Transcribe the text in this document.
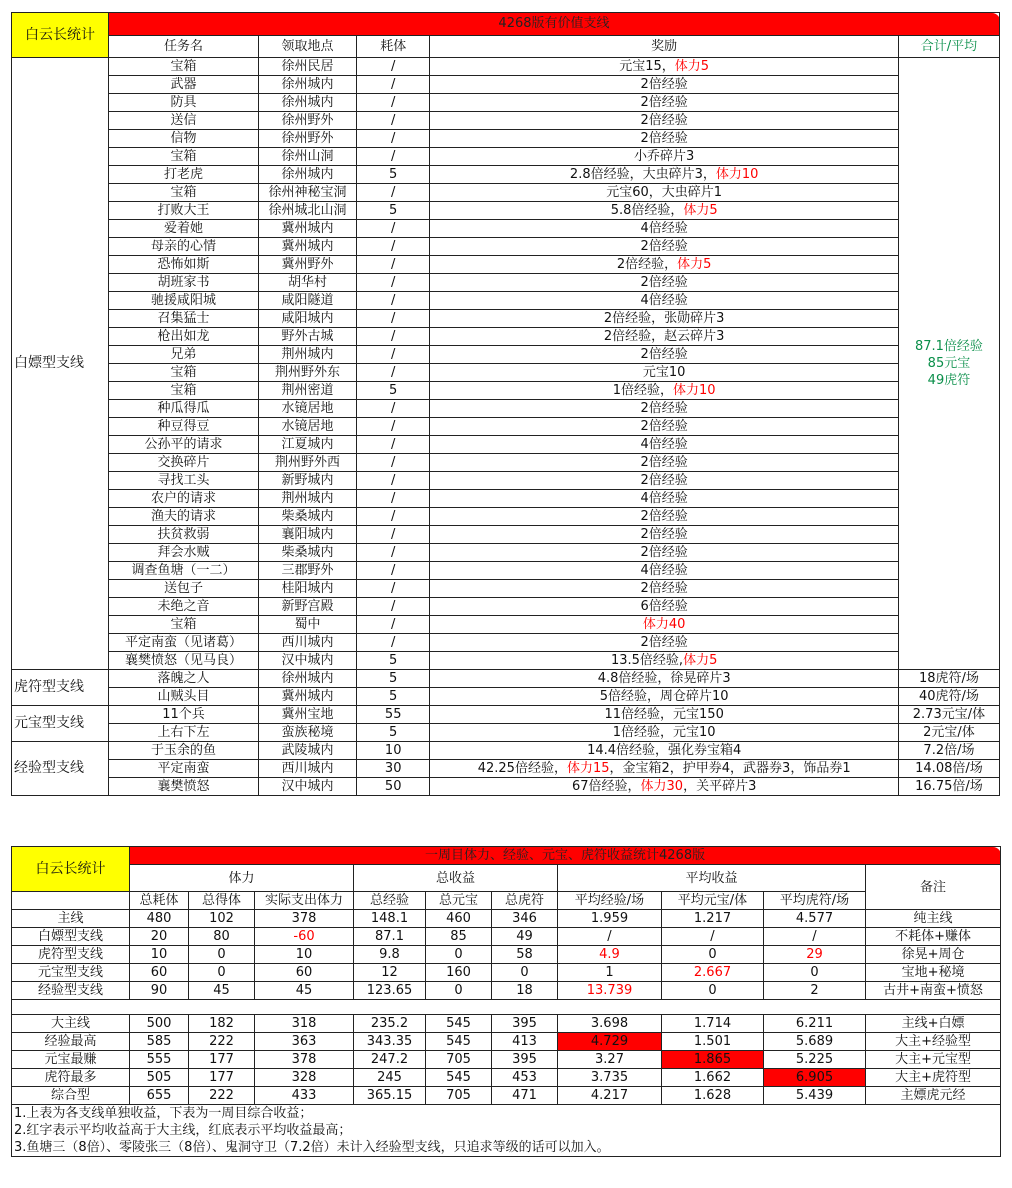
白云长统计	4268版有价值支线				
	任务名	领取地点	耗体	奖励	合计/平均
白嫖型支线	宝箱	徐州民居	/	元宝15，体力5	87.1倍经验
85元宝
49虎符

	武器	徐州城内	/	2倍经验	
	防具	徐州城内	/	2倍经验	
	送信	徐州野外	/	2倍经验	
	信物	徐州野外	/	2倍经验	
	宝箱	徐州山洞	/	小乔碎片3	
	打老虎	徐州城内	5	2.8倍经验，大虫碎片3，体力10	
	宝箱	徐州神秘宝洞	/	元宝60，大虫碎片1	
	打败大王	徐州城北山洞	5	5.8倍经验，体力5	
	爱着她	冀州城内	/	4倍经验	
	母亲的心情	冀州城内	/	2倍经验	
	恐怖如斯	冀州野外	/	2倍经验，体力5	
	胡班家书	胡华村	/	2倍经验	
	驰援咸阳城	咸阳隧道	/	4倍经验	
	召集猛士	咸阳城内	/	2倍经验，张勋碎片3	
	枪出如龙	野外古城	/	2倍经验，赵云碎片3	
	兄弟	荆州城内	/	2倍经验	
	宝箱	荆州野外东	/	元宝10	
	宝箱	荆州密道	5	1倍经验，体力10	
	种瓜得瓜	水镜居地	/	2倍经验	
	种豆得豆	水镜居地	/	2倍经验	
	公孙平的请求	江夏城内	/	4倍经验	
	交换碎片	荆州野外西	/	2倍经验	
	寻找工头	新野城内	/	2倍经验	
	农户的请求	荆州城内	/	4倍经验	
	渔夫的请求	柴桑城内	/	2倍经验	
	扶贫救弱	襄阳城内	/	2倍经验	
	拜会水贼	柴桑城内	/	2倍经验	
	调查鱼塘（一二）	三郡野外	/	4倍经验	
	送包子	桂阳城内	/	2倍经验	
	未绝之音	新野宫殿	/	6倍经验	
	宝箱	蜀中	/	体力40	
	平定南蛮（见诸葛）	西川城内	/	2倍经验	
	襄樊愤怒（见马良）	汉中城内	5	13.5倍经验,体力5	
虎符型支线	落魄之人	徐州城内	5	4.8倍经验，徐晃碎片3	18虎符/场
	山贼头目	冀州城内	5	5倍经验，周仓碎片10	40虎符/场
元宝型支线	11个兵	冀州宝地	55	11倍经验，元宝150	2.73元宝/体
	上右下左	蛮族秘境	5	1倍经验，元宝10	2元宝/体
经验型支线	于玉余的鱼	武陵城内	10	14.4倍经验，强化券宝箱4	7.2倍/场
	平定南蛮	西川城内	30	42.25倍经验，体力15，金宝箱2，护甲券4，武器券3，饰品券1	14.08倍/场
	襄樊愤怒	汉中城内	50	67倍经验，体力30，关平碎片3	16.75倍/场
白云长统计	一周目体力、经验、元宝、虎符收益统计4268版									
	体力			总收益			平均收益			备注
	总耗体	总得体	实际支出体力	总经验	总元宝	总虎符	平均经验/场	平均元宝/体	平均虎符/场	
主线	480	102	378	148.1	460	346	1.959	1.217	4.577	纯主线
白嫖型支线	20	80	-60	87.1	85	49	/	/	/	不耗体+赚体
虎符型支线	10	0	10	9.8	0	58	4.9	0	29	徐晃+周仓
元宝型支线	60	0	60	12	160	0	1	2.667	0	宝地+秘境
经验型支线	90	45	45	123.65	0	18	13.739	0	2	古井+南蛮+愤怒

大主线	500	182	318	235.2	545	395	3.698	1.714	6.211	主线+白嫖
经验最高	585	222	363	343.35	545	413	4.729	1.501	5.689	大主+经验型
元宝最赚	555	177	378	247.2	705	395	3.27	1.865	5.225	大主+元宝型
虎符最多	505	177	328	245	545	453	3.735	1.662	6.905	大主+虎符型
综合型	655	222	433	365.15	705	471	4.217	1.628	5.439	主嫖虎元经
1.上表为各支线单独收益，下表为一周目综合收益；										
2.红字表示平均收益高于大主线，红底表示平均收益最高；										
3.鱼塘三（8倍）、零陵张三（8倍）、鬼洞守卫（7.2倍）未计入经验型支线，只追求等级的话可以加入。										
